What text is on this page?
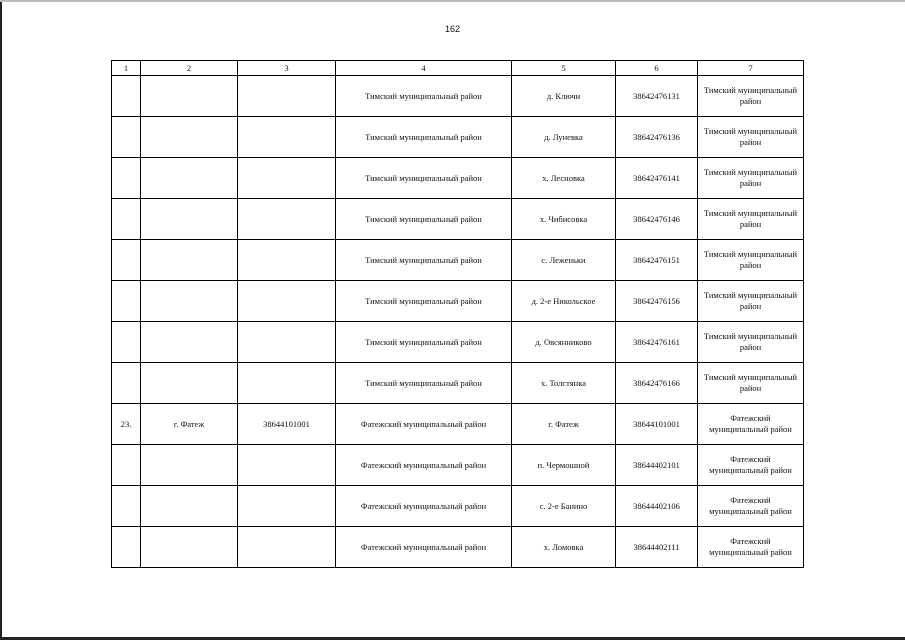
162
1	2	3	4	5	6	7
			Тимский муниципальный район	д. Ключи	38642476131	Тимский муниципальный район
			Тимский муниципальный район	д. Луневка	38642476136	Тимский муниципальный район
			Тимский муниципальный район	х. Лесновка	38642476141	Тимский муниципальный район
			Тимский муниципальный район	х. Чибисовка	38642476146	Тимский муниципальный район
			Тимский муниципальный район	с. Леженьки	38642476151	Тимский муниципальный район
			Тимский муниципальный район	д. 2-е Никольское	38642476156	Тимский муниципальный район
			Тимский муниципальный район	д. Овсянниково	38642476161	Тимский муниципальный район
			Тимский муниципальный район	х. Толстянка	38642476166	Тимский муниципальный район
23.	г. Фатеж	38644101001	Фатежский муниципальный район	г. Фатеж	38644101001	Фатежский муниципальный район
			Фатежский муниципальный район	п. Чермошной	38644402101	Фатежский муниципальный район
			Фатежский муниципальный район	с. 2-е Банино	38644402106	Фатежский муниципальный район
			Фатежский муниципальный район	х. Ломовка	38644402111	Фатежский муниципальный район
